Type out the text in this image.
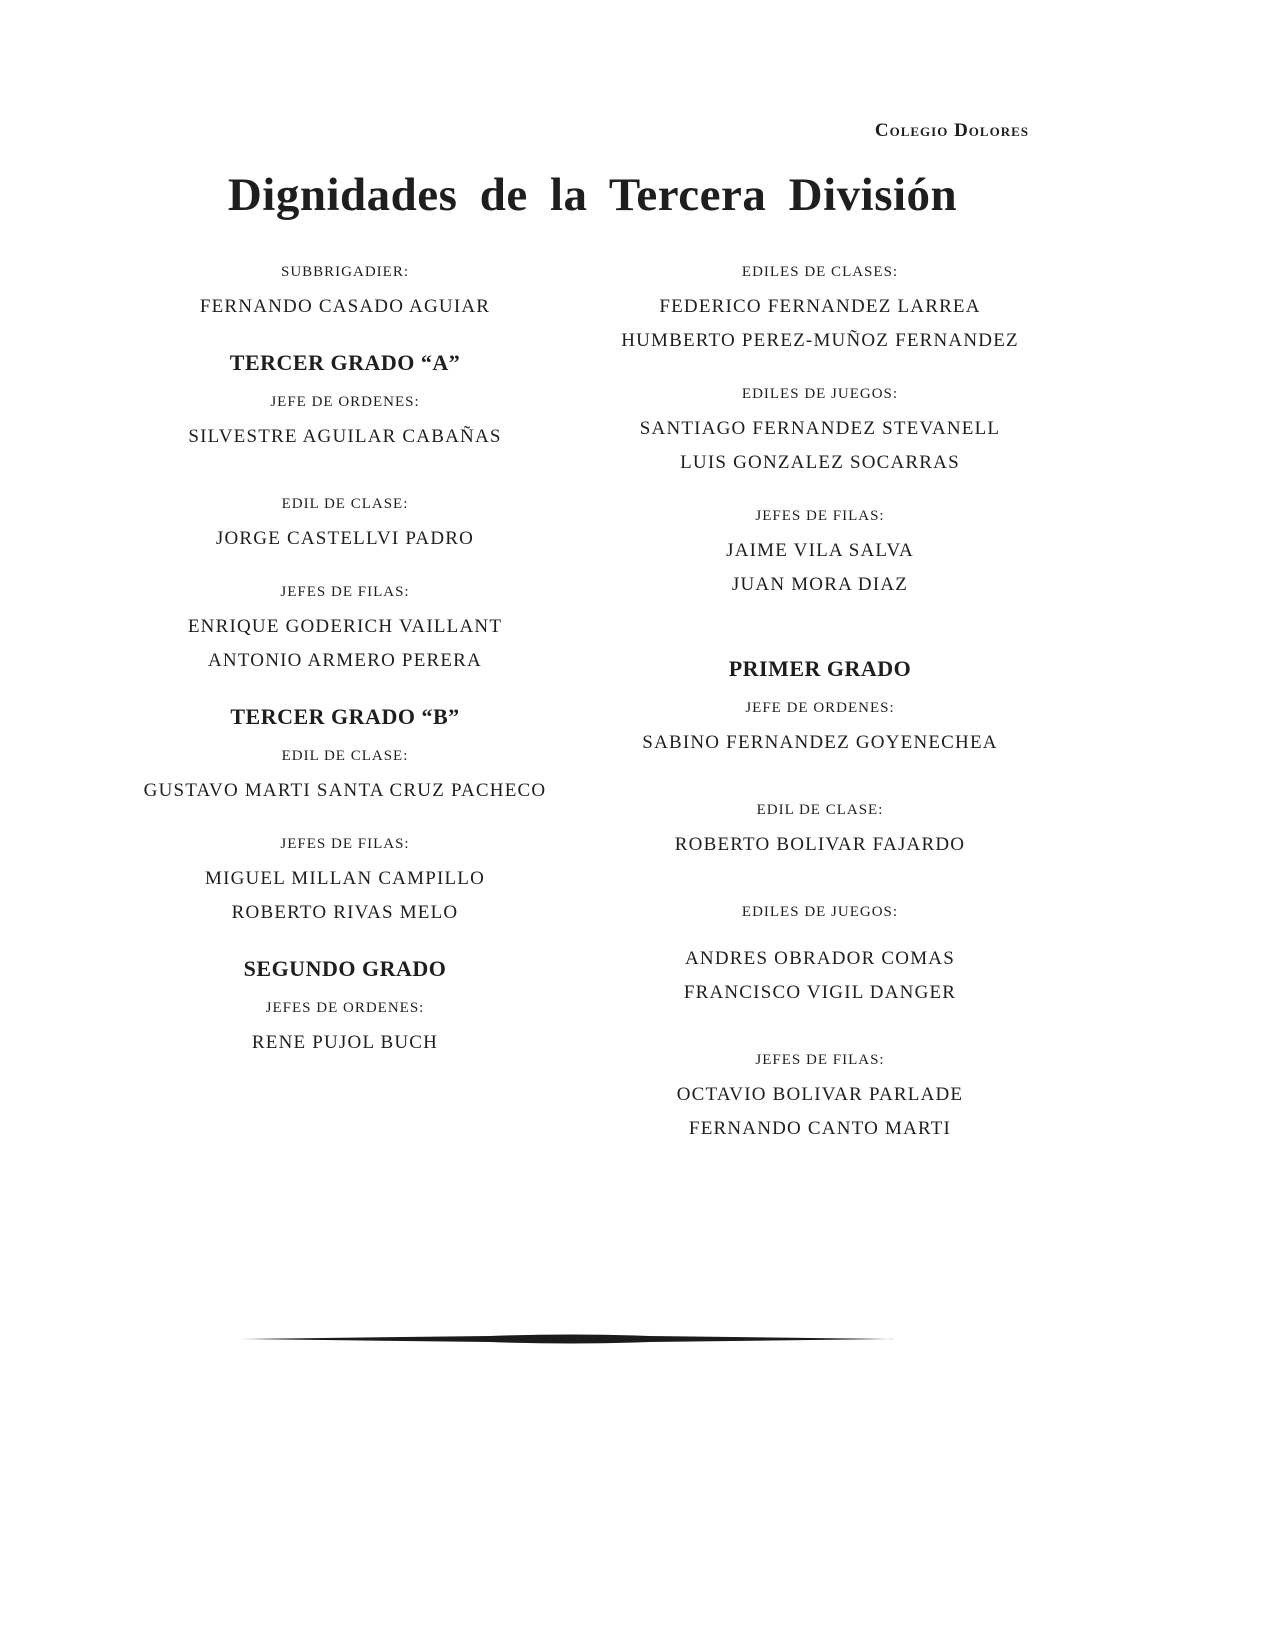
Colegio Dolores
Dignidades de la Tercera División
SUBBRIGADIER:
FERNANDO CASADO AGUIAR
TERCER GRADO “A”
JEFE DE ORDENES:
SILVESTRE AGUILAR CABAÑAS
EDIL DE CLASE:
JORGE CASTELLVI PADRO
JEFES DE FILAS:
ENRIQUE GODERICH VAILLANT
ANTONIO ARMERO PERERA
TERCER GRADO “B”
EDIL DE CLASE:
GUSTAVO MARTI SANTA CRUZ PACHECO
JEFES DE FILAS:
MIGUEL MILLAN CAMPILLO
ROBERTO RIVAS MELO
SEGUNDO GRADO
JEFES DE ORDENES:
RENE PUJOL BUCH
EDILES DE CLASES:
FEDERICO FERNANDEZ LARREA
HUMBERTO PEREZ-MUÑOZ FERNANDEZ
EDILES DE JUEGOS:
SANTIAGO FERNANDEZ STEVANELL
LUIS GONZALEZ SOCARRAS
JEFES DE FILAS:
JAIME VILA SALVA
JUAN MORA DIAZ
PRIMER GRADO
JEFE DE ORDENES:
SABINO FERNANDEZ GOYENECHEA
EDIL DE CLASE:
ROBERTO BOLIVAR FAJARDO
EDILES DE JUEGOS:
ANDRES OBRADOR COMAS
FRANCISCO VIGIL DANGER
JEFES DE FILAS:
OCTAVIO BOLIVAR PARLADE
FERNANDO CANTO MARTI
